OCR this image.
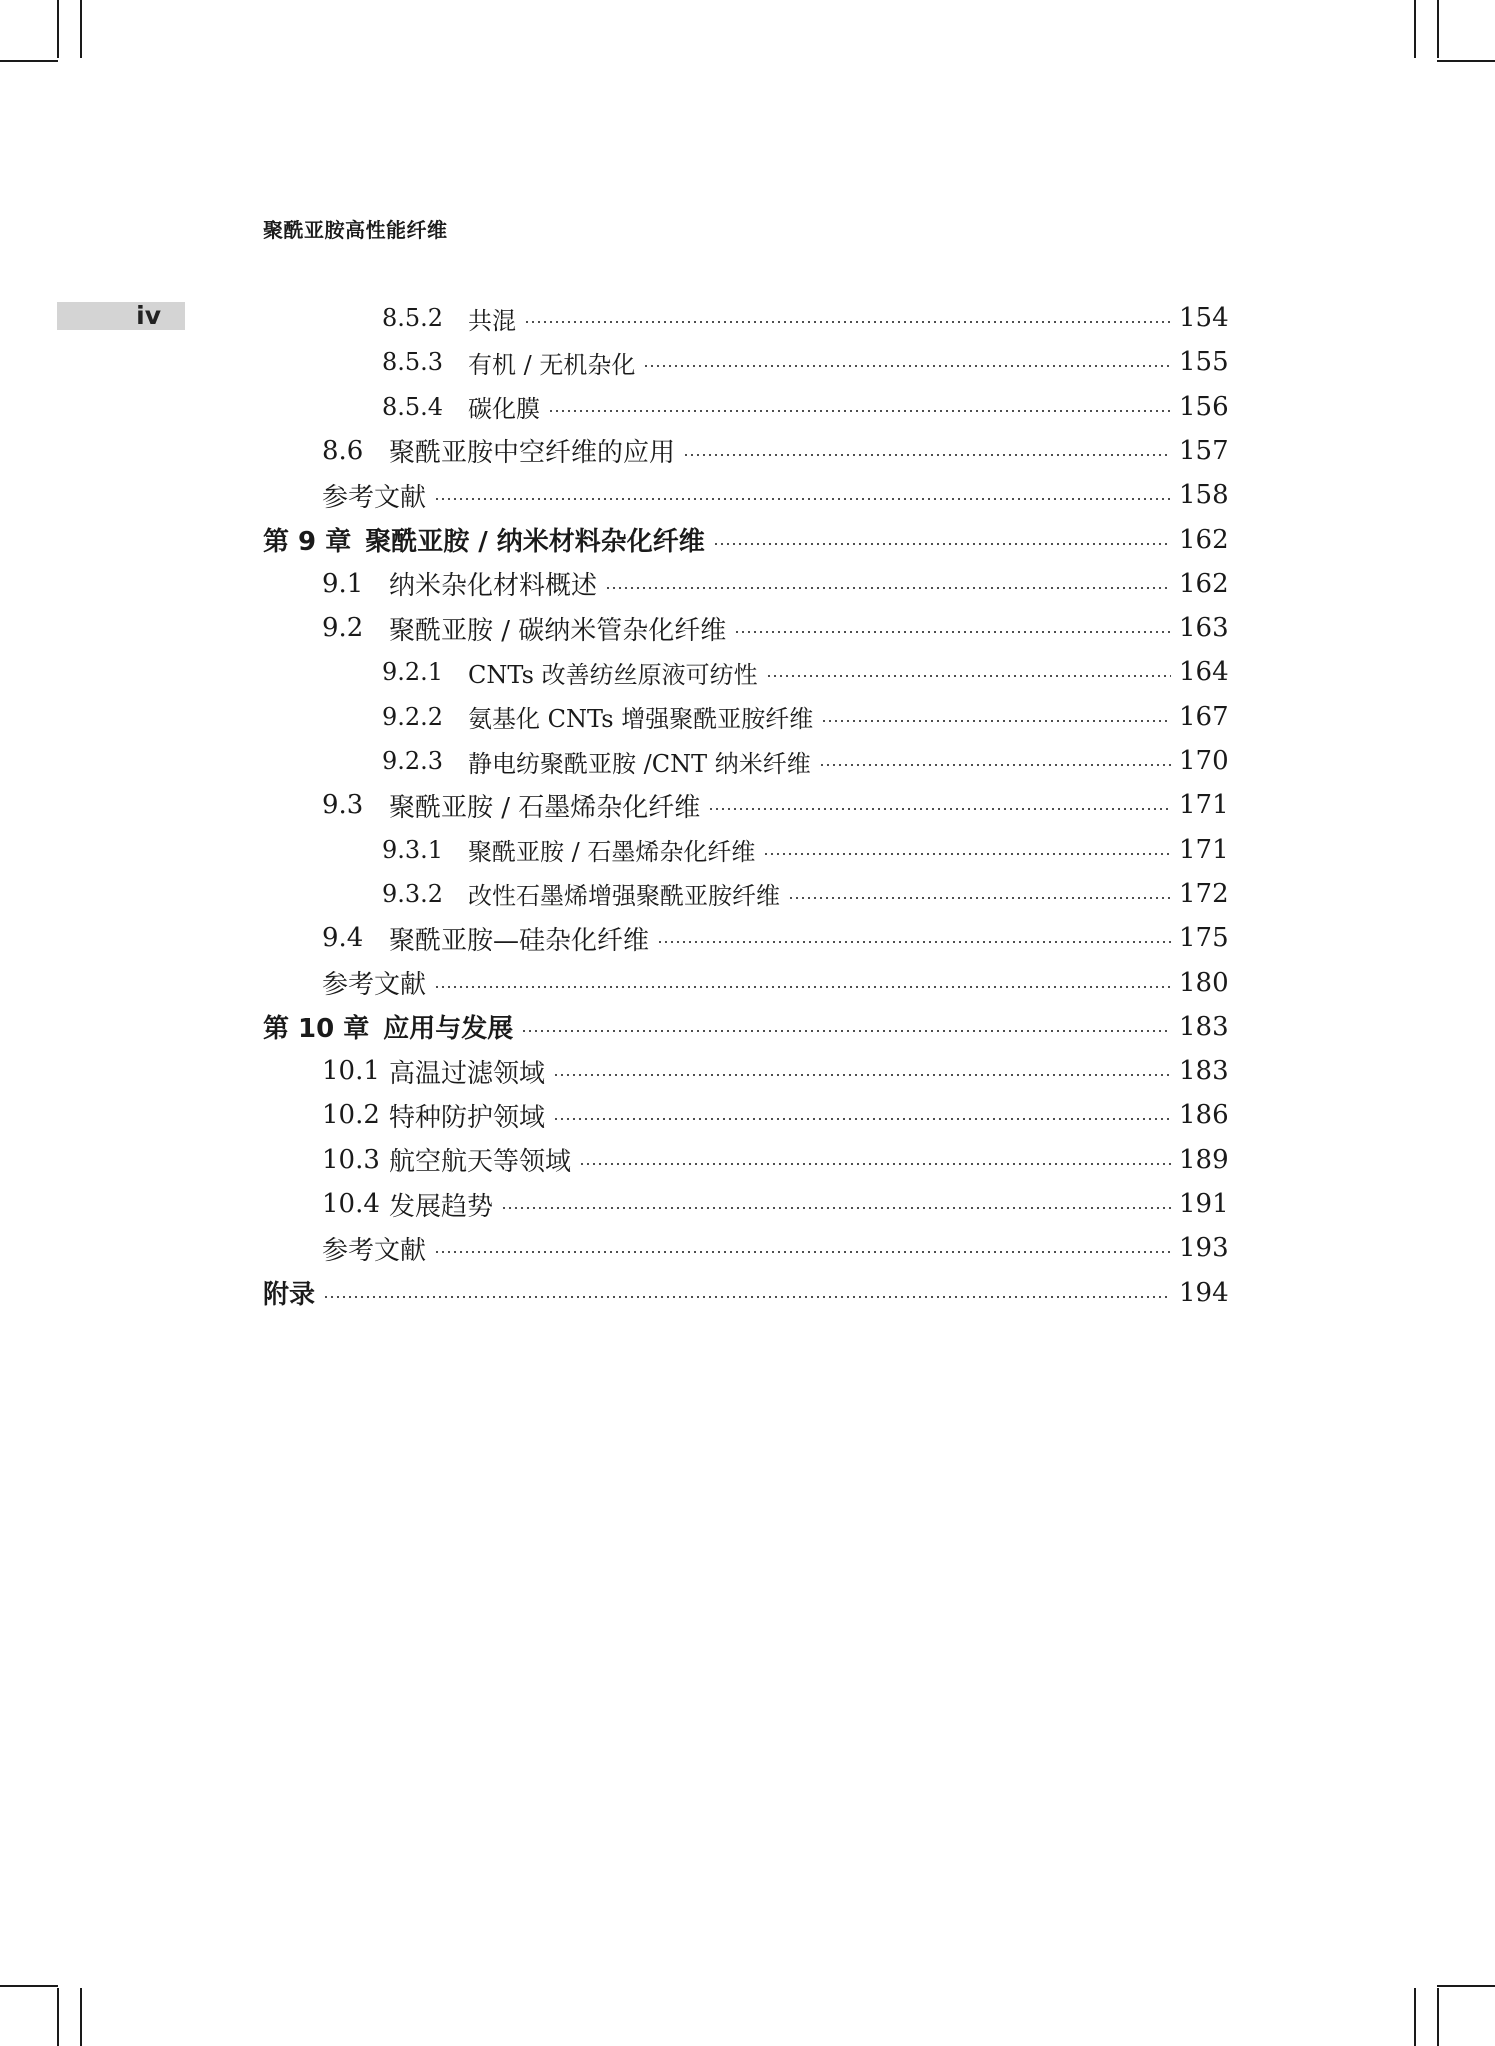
聚酰亚胺高性能纤维
iv	8.5.2	共混	154
8.5.3	有机 / 无机杂化	155
8.5.4	碳化膜	156
8.6 聚酰亚胺中空纤维的应用	157
参考文献	158
第 9 章 聚酰亚胺 / 纳米材料杂化纤维	162
9.1 纳米杂化材料概述	162
9.2 聚酰亚胺 / 碳纳米管杂化纤维	163
9.2.1	CNTs 改善纺丝原液可纺性	164
9.2.2	氨基化 CNTs 增强聚酰亚胺纤维	167
9.2.3	静电纺聚酰亚胺 /CNT 纳米纤维	170
9.3 聚酰亚胺 / 石墨烯杂化纤维	171
9.3.1	聚酰亚胺 / 石墨烯杂化纤维	171
9.3.2	改性石墨烯增强聚酰亚胺纤维	172
9.4 聚酰亚胺—硅杂化纤维	175
参考文献	180
第 10 章 应用与发展	183
10.1 高温过滤领域	183
10.2 特种防护领域	186
10.3 航空航天等领域	189
10.4 发展趋势	191
参考文献	193
附录	194
